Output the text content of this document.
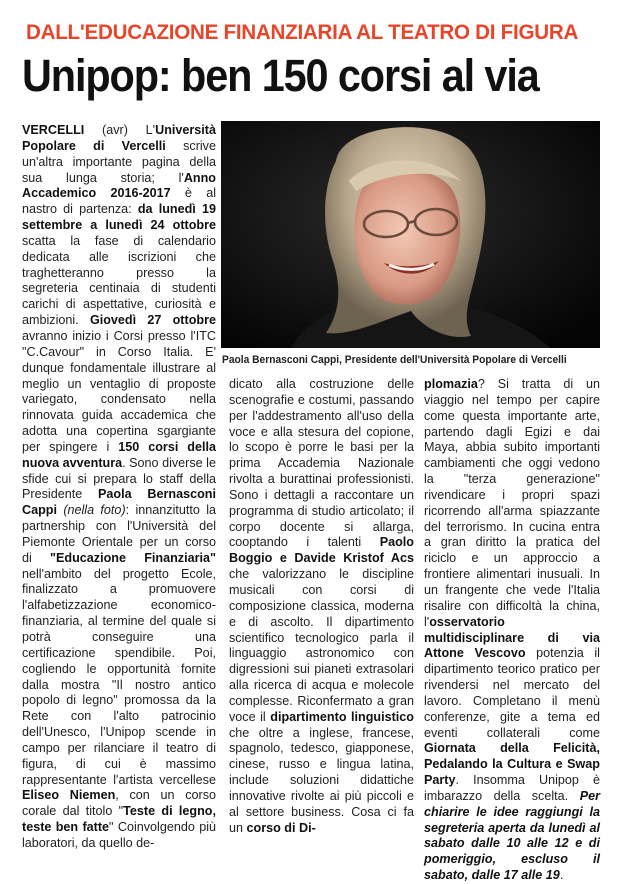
DALL'EDUCAZIONE FINANZIARIA AL TEATRO DI FIGURA
Unipop: ben 150 corsi al via
VERCELLI (avr) L'Università Popolare di Vercelli scrive un'altra importante pagina della sua lunga storia; l'Anno Accademico 2016-2017 è al nastro di partenza: da lunedì 19 settembre a lunedì 24 ottobre scatta la fase di calendario dedicata alle iscrizioni che traghetteranno presso la segreteria centinaia di studenti carichi di aspettative, curiosità e ambizioni. Giovedì 27 ottobre avranno inizio i Corsi presso l'ITC "C.Cavour" in Corso Italia. E' dunque fondamentale illustrare al meglio un ventaglio di proposte variegato, condensato nella rinnovata guida accademica che adotta una copertina sgargiante per spingere i 150 corsi della nuova avventura. Sono diverse le sfide cui si prepara lo staff della Presidente Paola Bernasconi Cappi (nella foto): innanzitutto la partnership con l'Università del Piemonte Orientale per un corso di "Educazione Finanziaria" nell'ambito del progetto Ecole, finalizzato a promuovere l'alfabetizzazione economico-finanziaria, al termine del quale si potrà conseguire una certificazione spendibile. Poi, cogliendo le opportunità fornite dalla mostra "Il nostro antico popolo di legno" promossa da la Rete con l'alto patrocinio dell'Unesco, l'Unipop scende in campo per rilanciare il teatro di figura, di cui è massimo rappresentante l'artista vercellese Eliseo Niemen, con un corso corale dal titolo "Teste di legno, teste ben fatte" Coinvolgendo più laboratori, da quello de-
Paola Bernasconi Cappi, Presidente dell'Università Popolare di Vercelli
dicato alla costruzione delle scenografie e costumi, passando per l'addestramento all'uso della voce e alla stesura del copione, lo scopo è porre le basi per la prima Accademia Nazionale rivolta a burattinai professionisti. Sono i dettagli a raccontare un programma di studio articolato; il corpo docente si allarga, cooptando i talenti Paolo Boggio e Davide Kristof Acs che valorizzano le discipline musicali con corsi di composizione classica, moderna e di ascolto. Il dipartimento scientifico tecnologico parla il linguaggio astronomico con digressioni sui pianeti extrasolari alla ricerca di acqua e molecole complesse. Riconfermato a gran voce il dipartimento linguistico che oltre a inglese, francese, spagnolo, tedesco, giapponese, cinese, russo e lingua latina, include soluzioni didattiche innovative rivolte ai più piccoli e al settore business. Cosa ci fa un corso di Di-
plomazia? Si tratta di un viaggio nel tempo per capire come questa importante arte, partendo dagli Egizi e dai Maya, abbia subito importanti cambiamenti che oggi vedono la "terza generazione" rivendicare i propri spazi ricorrendo all'arma spiazzante del terrorismo. In cucina entra a gran diritto la pratica del riciclo e un approccio a frontiere alimentari inusuali. In un frangente che vede l'Italia risalire con difficoltà la china, l'osservatorio multidisciplinare di via Attone Vescovo potenzia il dipartimento teorico pratico per rivendersi nel mercato del lavoro. Completano il menù conferenze, gite a tema ed eventi collaterali come Giornata della Felicità, Pedalando la Cultura e Swap Party. Insomma Unipop è imbarazzo della scelta. Per chiarire le idee raggiungi la segreteria aperta da lunedì al sabato dalle 10 alle 12 e di pomeriggio, escluso il sabato, dalle 17 alle 19.
